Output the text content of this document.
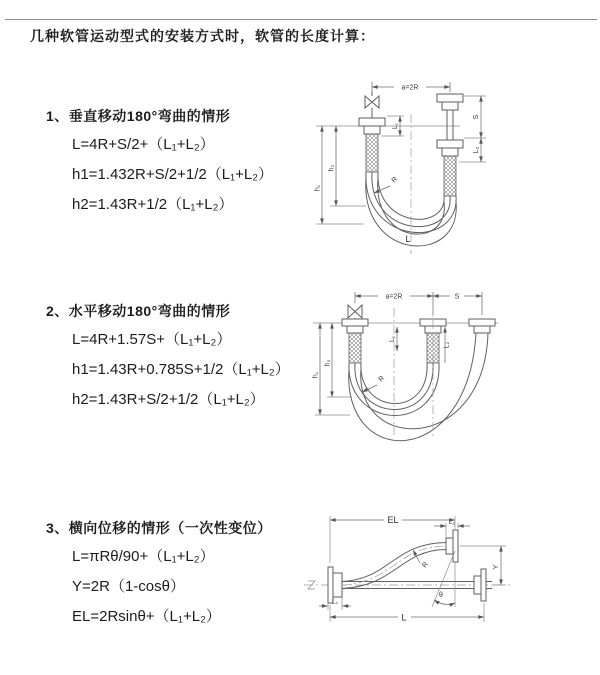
几种软管运动型式的安装方式时，软管的长度计算：
1、垂直移动180°弯曲的情形
L=4R+S/2+（L₁+L₂）
h1=1.432R+S/2+1/2（L₁+L₂）
h2=1.43R+1/2（L₁+L₂）
2、水平移动180°弯曲的情形
L=4R+1.57S+（L₁+L₂）
h1=1.43R+0.785S+1/2（L₁+L₂）
h2=1.43R+S/2+1/2（L₁+L₂）
3、横向位移的情形（一次性变位）
L=πRθ/90+（L₁+L₂）
Y=2R（1-cosθ）
EL=2Rsinθ+（L₁+L₂）
a=2R
R
L
h₁
h₂
L₁
S
L₂
a=2R	S
h₁
h₂
L₁
L₂
R
EL	L₂
Y
R
θ
L
L₁
